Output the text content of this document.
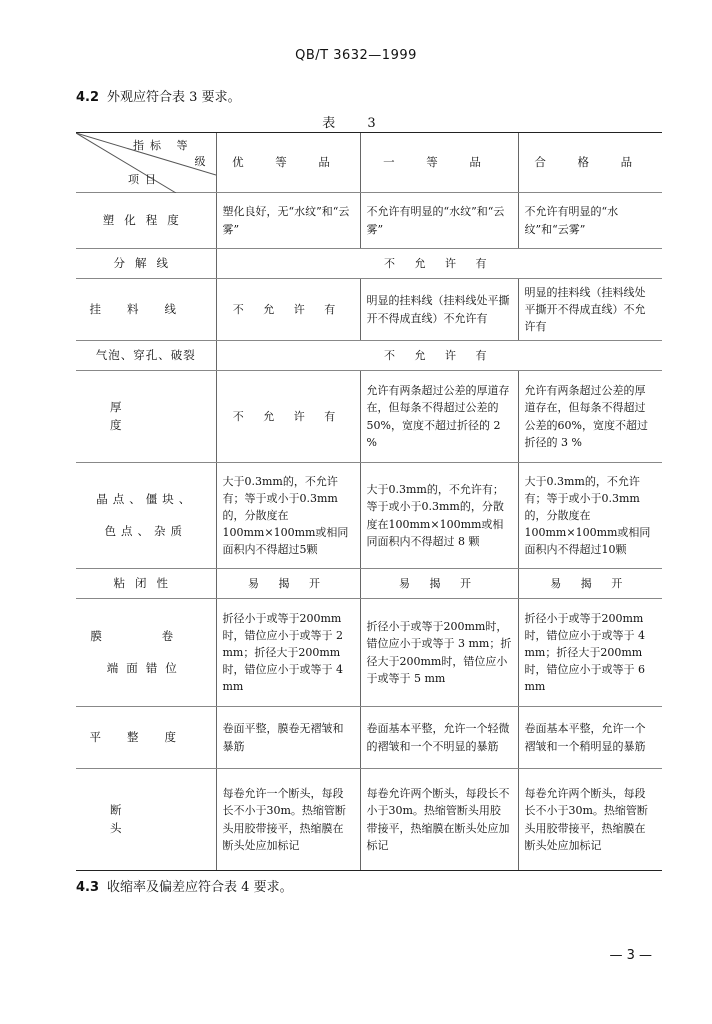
QB/T 3632—1999
4.2 外观应符合表 3 要求。
表 3
指标 等
级
项目	优 等 品	一 等 品	合 格 品
塑化程度	塑化良好，无“水纹”和“云雾”	不允许有明显的“水纹”和“云雾”	不允许有明显的“水纹”和“云雾”
分解线	不 允 许 有		
挂料线	不 允 许 有	明显的挂料线（挂料线处平撕开不得成直线）不允许有	明显的挂料线（挂料线处平撕开不得成直线）不允许有
气泡、穿孔、破裂	不 允 许 有		
厚度	不 允 许 有	允许有两条超过公差的厚道存在，但每条不得超过公差的50%，宽度不超过折径的 2 %	允许有两条超过公差的厚道存在，但每条不得超过公差的60%，宽度不超过折径的 3 %

晶点、僵块、
色点、杂质	大于0.3mm的，不允许有；等于或小于0.3mm的，分散度在100mm×100mm或相同面积内不得超过5颗	大于0.3mm的，不允许有；等于或小于0.3mm的，分散度在100mm×100mm或相同面积内不得超过 8 颗	大于0.3mm的，不允许有；等于或小于0.3mm的，分散度在100mm×100mm或相同面积内不得超过10颗
粘闭性	易 揭 开	易 揭 开	易 揭 开

膜 卷
端面错位	折径小于或等于200mm时，错位应小于或等于 2 mm；折径大于200mm时，错位应小于或等于 4 mm	折径小于或等于200mm时，错位应小于或等于 3 mm；折径大于200mm时，错位应小于或等于 5 mm	折径小于或等于200mm时，错位应小于或等于 4 mm；折径大于200mm时，错位应小于或等于 6 mm
平整度	卷面平整，膜卷无褶皱和暴筋	卷面基本平整，允许一个轻微的褶皱和一个不明显的暴筋	卷面基本平整，允许一个褶皱和一个稍明显的暴筋
断头	每卷允许一个断头，每段长不小于30m。热缩管断头用胶带接平，热缩膜在断头处应加标记	每卷允许两个断头，每段长不小于30m。热缩管断头用胶带接平，热缩膜在断头处应加标记	每卷允许两个断头，每段长不小于30m。热缩管断头用胶带接平，热缩膜在断头处应加标记
4.3 收缩率及偏差应符合表 4 要求。
— 3 —
